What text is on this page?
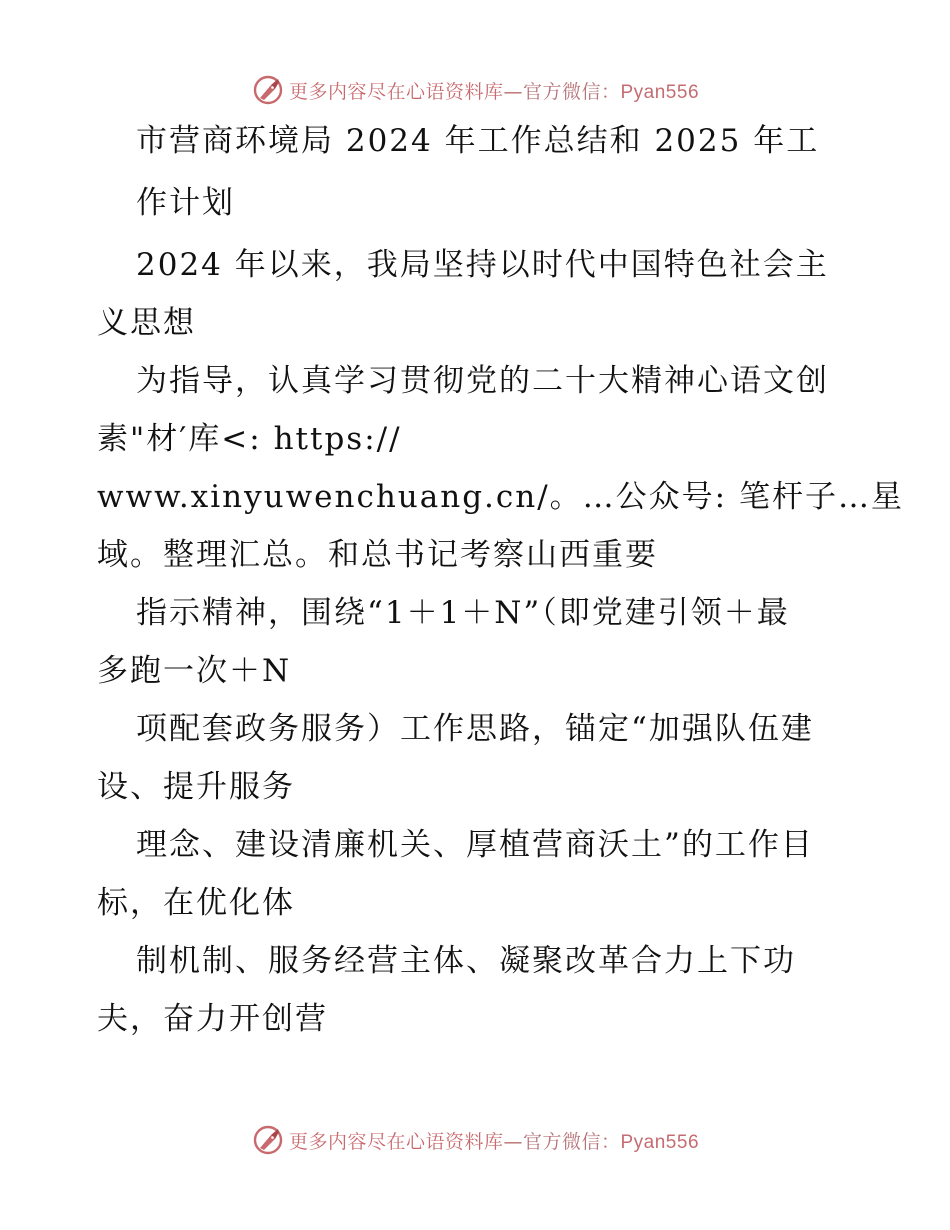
更多内容尽在心语资料库—官方微信：Pyan556
市营商环境局 2024 年工作总结和 2025 年工
作计划
2024 年以来，我局坚持以时代中国特色社会主
义思想
为指导，认真学习贯彻党的二十大精神心语文创
素"材′库<: https://
www.xinyuwenchuang.cn/。…公众号: 笔杆子…星
域。整理汇总。和总书记考察山西重要
指示精神，围绕“1＋1＋N”（即党建引领＋最
多跑一次＋N
项配套政务服务）工作思路，锚定“加强队伍建
设、提升服务
理念、建设清廉机关、厚植营商沃土”的工作目
标，在优化体
制机制、服务经营主体、凝聚改革合力上下功
夫，奋力开创营
更多内容尽在心语资料库—官方微信：Pyan556
